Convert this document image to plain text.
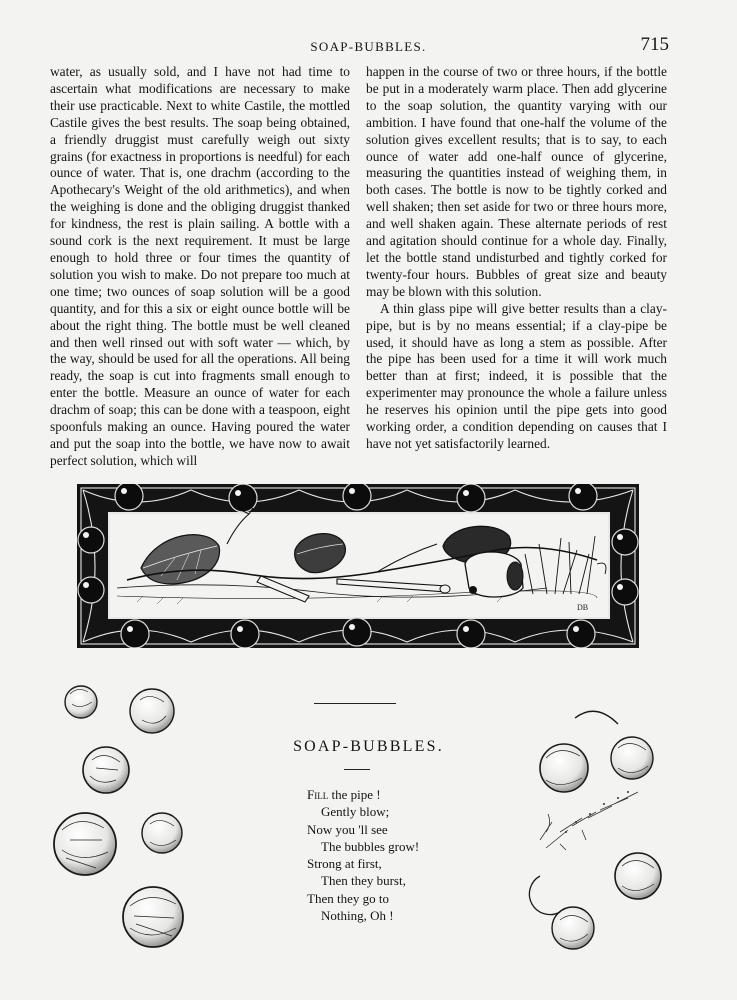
SOAP-BUBBLES.	715

water, as usually sold, and I have not had time to ascertain what modifications are necessary to make their use practicable. Next to white Castile, the mottled Castile gives the best results. The soap being obtained, a friendly druggist must carefully weigh out sixty grains (for exactness in proportions is needful) for each ounce of water. That is, one drachm (according to the Apothecary's Weight of the old arithmetics), and when the weighing is done and the obliging druggist thanked for kindness, the rest is plain sailing. A bottle with a sound cork is the next requirement. It must be large enough to hold three or four times the quantity of solution you wish to make. Do not prepare too much at one time; two ounces of soap solution will be a good quantity, and for this a six or eight ounce bottle will be about the right thing. The bottle must be well cleaned and then well rinsed out with soft water — which, by the way, should be used for all the operations. All being ready, the soap is cut into fragments small enough to enter the bottle. Measure an ounce of water for each drachm of soap; this can be done with a teaspoon, eight spoonfuls making an ounce. Having poured the water and put the soap into the bottle, we have now to await perfect solution, which will

happen in the course of two or three hours, if the bottle be put in a moderately warm place. Then add glycerine to the soap solution, the quantity varying with our ambition. I have found that one-half the volume of the solution gives excellent results; that is to say, to each ounce of water add one-half ounce of glycerine, measuring the quantities instead of weighing them, in both cases. The bottle is now to be tightly corked and well shaken; then set aside for two or three hours more, and well shaken again. These alternate periods of rest and agitation should continue for a whole day. Finally, let the bottle stand undisturbed and tightly corked for twenty-four hours. Bubbles of great size and beauty may be blown with this solution.

A thin glass pipe will give better results than a clay-pipe, but is by no means essential; if a clay-pipe be used, it should have as long a stem as possible. After the pipe has been used for a time it will work much better than at first; indeed, it is possible that the experimenter may pronounce the whole a failure unless he reserves his opinion until the pipe gets into good working order, a condition depending on causes that I have not yet satisfactorily learned.

DB
SOAP-BUBBLES.
Fill the pipe !
Gently blow;
Now you 'll see
The bubbles grow!
Strong at first,
Then they burst,
Then they go to
Nothing, Oh !
